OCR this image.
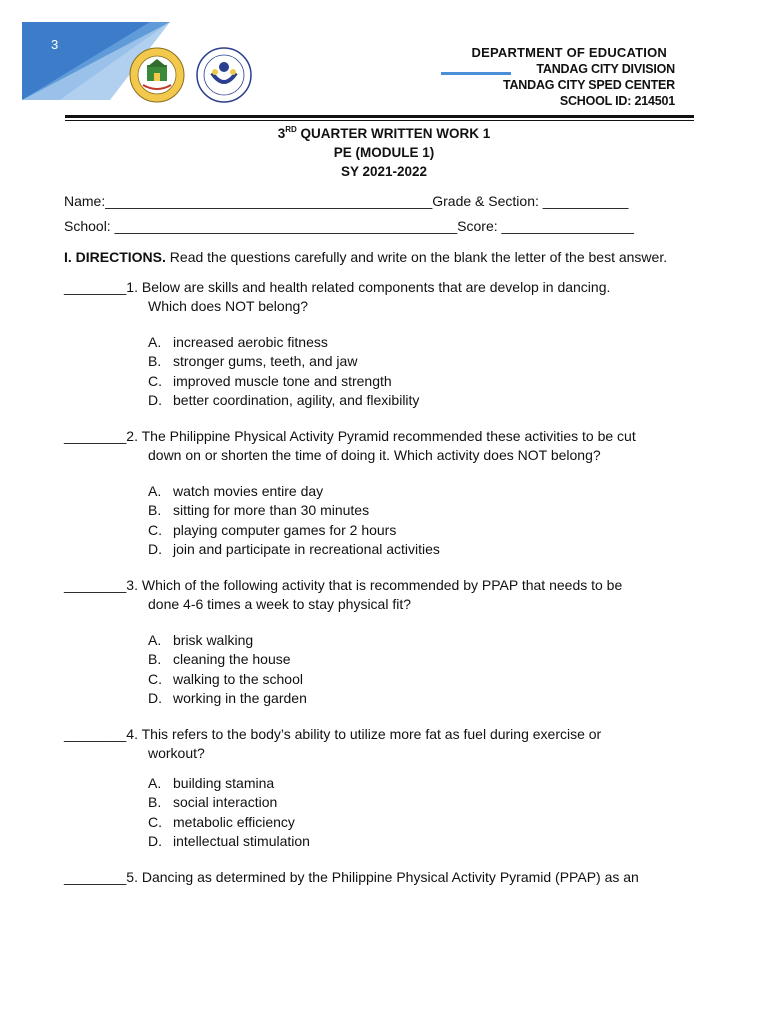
3
DEPARTMENT OF EDUCATION
TANDAG CITY DIVISION
TANDAG CITY SPED CENTER
SCHOOL ID: 214501
3RD QUARTER WRITTEN WORK 1
PE (MODULE 1)
SY 2021-2022
Name:__________________________________________Grade & Section: ___________
School: ____________________________________________Score: _________________
I. DIRECTIONS. Read the questions carefully and write on the blank the letter of the best answer.
________1. Below are skills and health related components that are develop in dancing.
Which does NOT belong?
A. increased aerobic fitness
B. stronger gums, teeth, and jaw
C. improved muscle tone and strength
D. better coordination, agility, and flexibility
________2. The Philippine Physical Activity Pyramid recommended these activities to be cut
down on or shorten the time of doing it. Which activity does NOT belong?
A. watch movies entire day
B. sitting for more than 30 minutes
C. playing computer games for 2 hours
D. join and participate in recreational activities
________3. Which of the following activity that is recommended by PPAP that needs to be
done 4-6 times a week to stay physical fit?
A. brisk walking
B. cleaning the house
C. walking to the school
D. working in the garden
________4. This refers to the body’s ability to utilize more fat as fuel during exercise or
workout?
A. building stamina
B. social interaction
C. metabolic efficiency
D. intellectual stimulation
________5. Dancing as determined by the Philippine Physical Activity Pyramid (PPAP) as an
